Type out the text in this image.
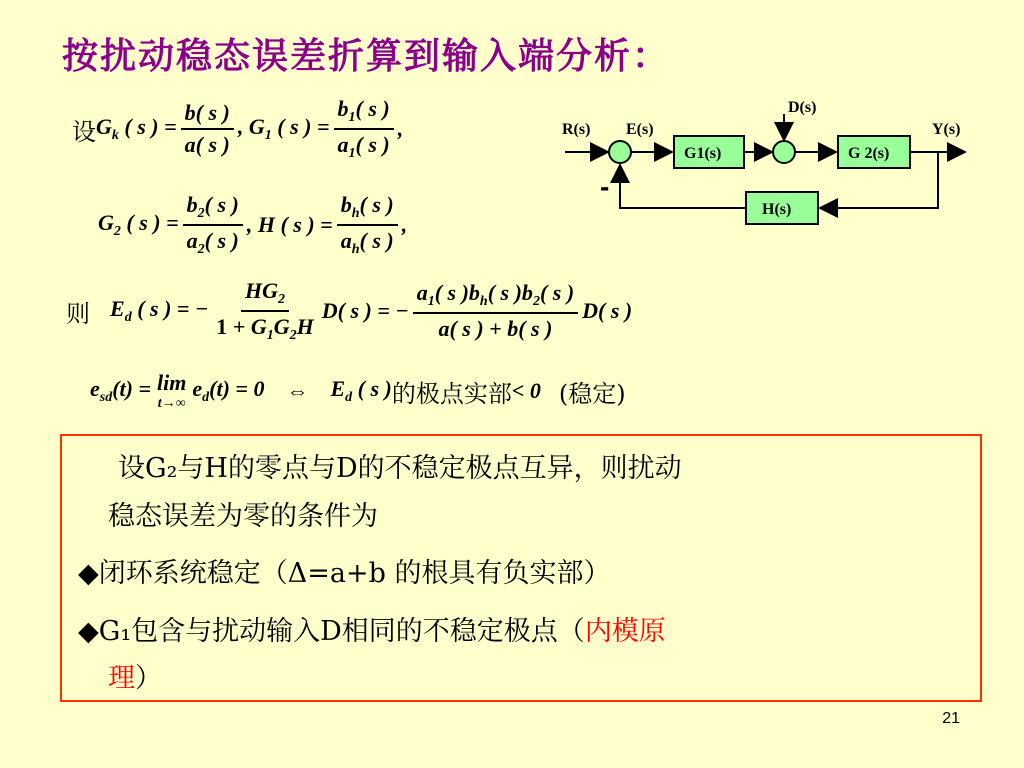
按扰动稳态误差折算到输入端分析：
设 $G_k$ ( s ) = $\frac{b( s )}{a( s )}$ , $G_1$ ( s ) = $\frac{b_1( s )}{a_1( s )}$ ,
$G_2$ ( s ) = $\frac{b_2( s )}{a_2( s )}$ , H ( s ) = $\frac{b_h( s )}{a_h( s )}$ ,
则 $E_d$ ( s ) = − $\frac{HG_2}{1 + G_1G_2H} D$( s ) = − $\frac{a_1( s )b_h( s )b_2( s )}{a( s ) + b( s )} D$( s )
$e_{sd}(t) = \lim$
t→∞
$e_d(t) = 0$ ⇔ $E_d$ ( s ) 的极点实部 < 0 (稳定)
R(s) E(s)
D(s)
Y(s)
G1(s)	G 2(s)
H(s)
-
设G₂与H的零点与D的不稳定极点互异，则扰动
稳态误差为零的条件为
◆闭环系统稳定（Δ=a+b 的根具有负实部）
◆G₁包含与扰动输入D相同的不稳定极点（内模原
理）
21
